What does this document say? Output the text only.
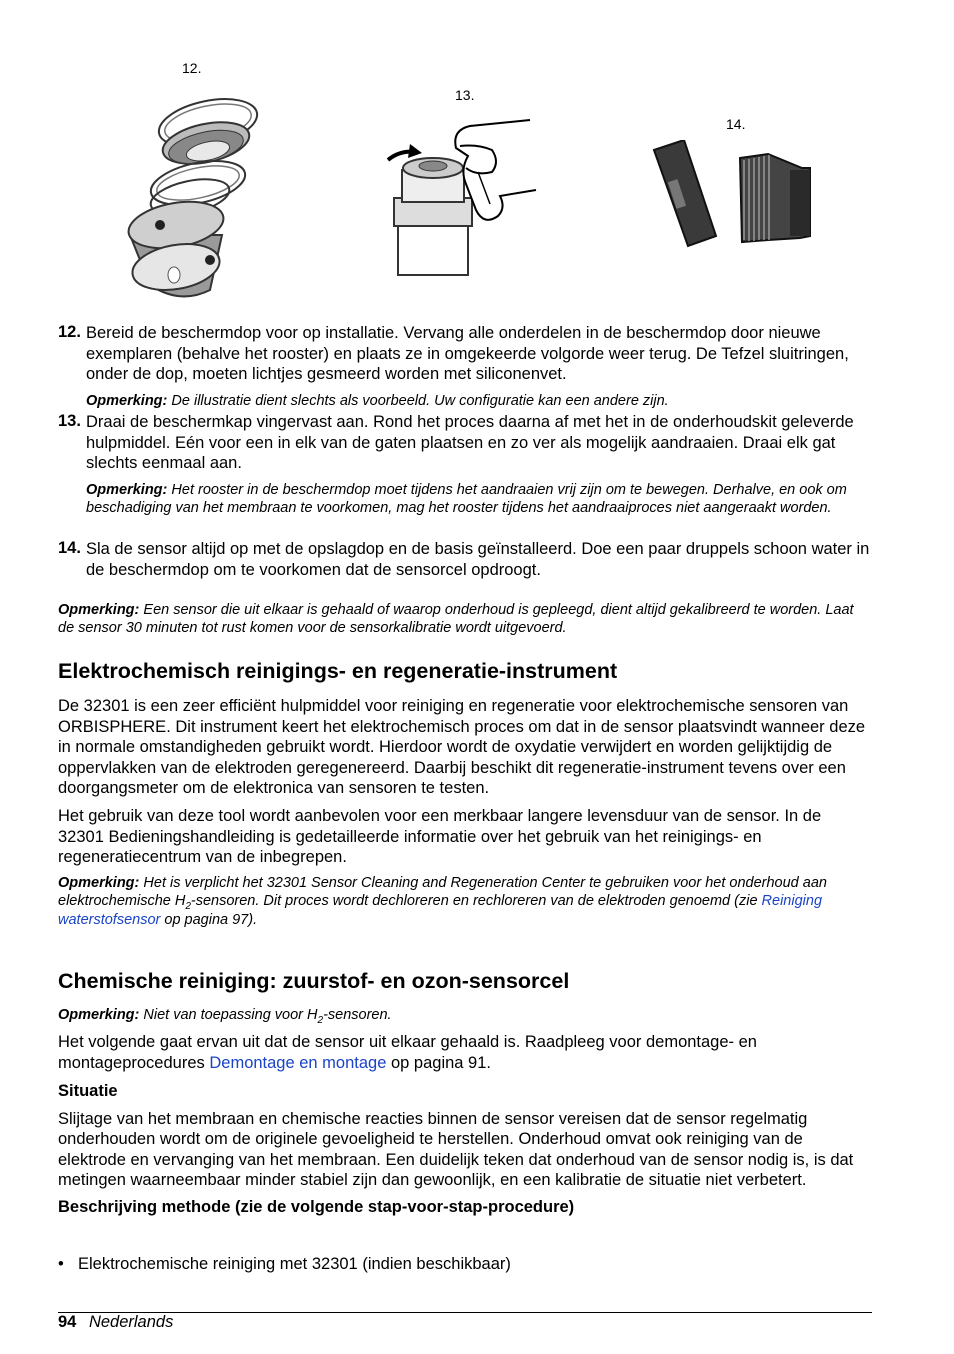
12.
13.
14.
12. Bereid de beschermdop voor op installatie. Vervang alle onderdelen in de beschermdop door nieuwe exemplaren (behalve het rooster) en plaats ze in omgekeerde volgorde weer terug. De Tefzel sluitringen, onder de dop, moeten lichtjes gesmeerd worden met siliconenvet.

Opmerking: De illustratie dient slechts als voorbeeld. Uw configuratie kan een andere zijn.

13. Draai de beschermkap vingervast aan. Rond het proces daarna af met het in de onderhoudskit geleverde hulpmiddel. Eén voor een in elk van de gaten plaatsen en zo ver als mogelijk aandraaien. Draai elk gat slechts eenmaal aan.

Opmerking: Het rooster in de beschermdop moet tijdens het aandraaien vrij zijn om te bewegen. Derhalve, en ook om beschadiging van het membraan te voorkomen, mag het rooster tijdens het aandraaiproces niet aangeraakt worden.

14. Sla de sensor altijd op met de opslagdop en de basis geïnstalleerd. Doe een paar druppels schoon water in de beschermdop om te voorkomen dat de sensorcel opdroogt.

Opmerking: Een sensor die uit elkaar is gehaald of waarop onderhoud is gepleegd, dient altijd gekalibreerd te worden. Laat de sensor 30 minuten tot rust komen voor de sensorkalibratie wordt uitgevoerd.

Elektrochemisch reinigings- en regeneratie-instrument

De 32301 is een zeer efficiënt hulpmiddel voor reiniging en regeneratie voor elektrochemische sensoren van ORBISPHERE. Dit instrument keert het elektrochemisch proces om dat in de sensor plaatsvindt wanneer deze in normale omstandigheden gebruikt wordt. Hierdoor wordt de oxydatie verwijdert en worden gelijktijdig de oppervlakken van de elektroden geregenereerd. Daarbij beschikt dit regeneratie-instrument tevens over een doorgangsmeter om de elektronica van sensoren te testen.

Het gebruik van deze tool wordt aanbevolen voor een merkbaar langere levensduur van de sensor. In de 32301 Bedieningshandleiding is gedetailleerde informatie over het gebruik van het reinigings- en regeneratiecentrum van de inbegrepen.

Opmerking: Het is verplicht het 32301 Sensor Cleaning and Regeneration Center te gebruiken voor het onderhoud aan elektrochemische $H_2$-sensoren. Dit proces wordt dechloreren en rechloreren van de elektroden genoemd (zie Reiniging waterstofsensor op pagina 97).

Chemische reiniging: zuurstof- en ozon-sensorcel

Opmerking: Niet van toepassing voor $H_2$-sensoren.

Het volgende gaat ervan uit dat de sensor uit elkaar gehaald is. Raadpleeg voor demontage- en montageprocedures Demontage en montage op pagina 91.

Situatie

Slijtage van het membraan en chemische reacties binnen de sensor vereisen dat de sensor regelmatig onderhouden wordt om de originele gevoeligheid te herstellen. Onderhoud omvat ook reiniging van de elektrode en vervanging van het membraan. Een duidelijk teken dat onderhoud van de sensor nodig is, is dat metingen waarneembaar minder stabiel zijn dan gewoonlijk, en een kalibratie de situatie niet verbetert.

Beschrijving methode (zie de volgende stap-voor-stap-procedure)

• Elektrochemische reiniging met 32301 (indien beschikbaar)
94 Nederlands
